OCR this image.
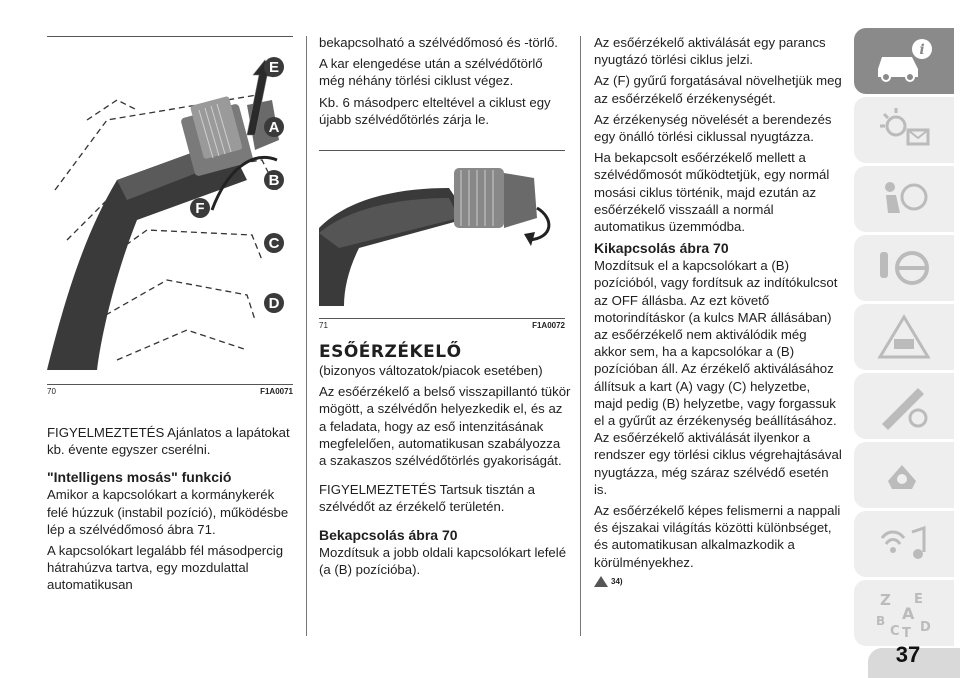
E
A
B
F
C
D
70	F1A0071

FIGYELMEZTETÉS Ajánlatos a lapátokat kb. évente egyszer cserélni.

"Intelligens mosás" funkció

Amikor a kapcsolókart a kormánykerék felé húzzuk (instabil pozíció), működésbe lép a szélvédőmosó ábra 71.

A kapcsolókart legalább fél másodpercig hátrahúzva tartva, egy mozdulattal automatikusan

bekapcsolható a szélvédőmosó és -törlő.

A kar elengedése után a szélvédőtörlő még néhány törlési ciklust végez.

Kb. 6 másodperc elteltével a ciklust egy újabb szélvédőtörlés zárja le.

71	F1A0072
ESŐÉRZÉKELŐ

(bizonyos változatok/piacok esetében)

Az esőérzékelő a belső visszapillantó tükör mögött, a szélvédőn helyezkedik el, és az a feladata, hogy az eső intenzitásának megfelelően, automatikusan szabályozza a szakaszos szélvédőtörlés gyakoriságát.

FIGYELMEZTETÉS Tartsuk tisztán a szélvédőt az érzékelő területén.

Bekapcsolás ábra 70

Mozdítsuk a jobb oldali kapcsolókart lefelé (a (B) pozícióba).

Az esőérzékelő aktiválását egy parancs nyugtázó törlési ciklus jelzi.

Az (F) gyűrű forgatásával növelhetjük meg az esőérzékelő érzékenységét.

Az érzékenység növelését a berendezés egy önálló törlési ciklussal nyugtázza.

Ha bekapcsolt esőérzékelő mellett a szélvédőmosót működtetjük, egy normál mosási ciklus történik, majd ezután az esőérzékelő visszaáll a normál automatikus üzemmódba.

Kikapcsolás ábra 70

Mozdítsuk el a kapcsolókart a (B) pozícióból, vagy fordítsuk az indítókulcsot az OFF állásba. Az ezt követő motorindításkor (a kulcs MAR állásában) az esőérzékelő nem aktiválódik még akkor sem, ha a kapcsolókar a (B) pozícióban áll. Az érzékelő aktiválásához állítsuk a kart (A) vagy (C) helyzetbe, majd pedig (B) helyzetbe, vagy forgassuk el a gyűrűt az érzékenység beállításához. Az esőérzékelő aktiválását ilyenkor a rendszer egy törlési ciklus végrehajtásával nyugtázza, még száraz szélvédő esetén is.

Az esőérzékelő képes felismerni a nappali és éjszakai világítás közötti különbséget, és automatikusan alkalmazkodik a körülményekhez.

34)
i
Z E
B A
C T D
37
